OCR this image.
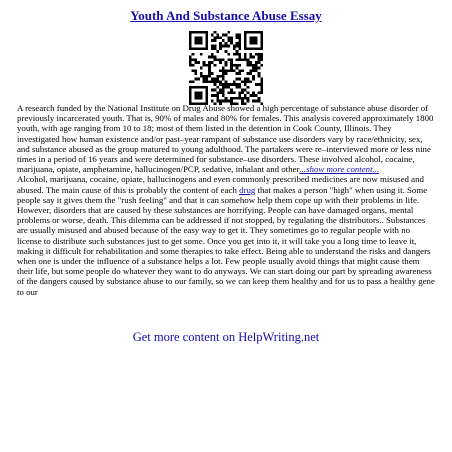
Youth And Substance Abuse Essay

A research funded by the National Institute on Drug Abuse showed a high percentage of substance abuse disorder of previously incarcerated youth. That is, 90% of males and 80% for females. This analysis covered approximately 1800 youth, with age ranging from 10 to 18; most of them listed in the detention in Cook County, Illinois. They investigated how human existence and/or past–year rampant of substance use disorders vary by race/ethnicity, sex, and substance abused as the group matured to young adulthood. The partakers were re–interviewed more or less nine times in a period of 16 years and were determined for substance–use disorders. These involved alcohol, cocaine, marijuana, opiate, amphetamine, hallucinogen/PCP, sedative, inhalant and other...show more content...

Alcohol, marijuana, cocaine, opiate, hallucinogens and even commonly prescribed medicines are now misused and abused. The main cause of this is probably the content of each drug that makes a person "high" when using it. Some people say it gives them the "rush feeling" and that it can somehow help them cope up with their problems in life. However, disorders that are caused by these substances are horrifying. People can have damaged organs, mental problems or worse, death. This dilemma can be addressed if not stopped, by regulating the distributors.. Substances are usually misused and abused because of the easy way to get it. They sometimes go to regular people with no license to distribute such substances just to get some. Once you get into it, it will take you a long time to leave it, making it difficult for rehabilitation and some therapies to take effect. Being able to understand the risks and dangers when one is under the influence of a substance helps a lot. Few people usually avoid things that might cause them their life, but some people do whatever they want to do anyways. We can start doing our part by spreading awareness of the dangers caused by substance abuse to our family, so we can keep them healthy and for us to pass a healthy gene to our

Get more content on HelpWriting.net
